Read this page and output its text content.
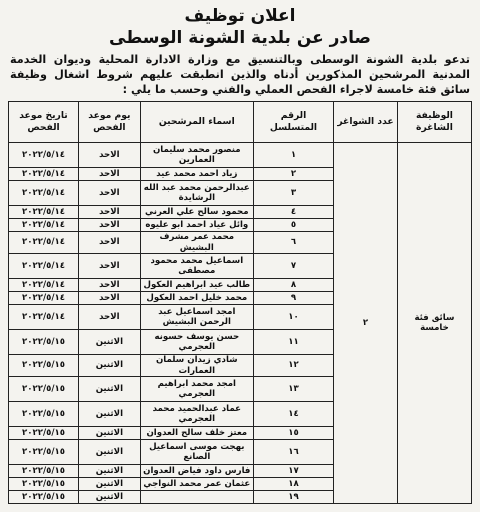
اعلان توظيف
صادر عن بلدية الشونة الوسطى
تدعو بلدية الشونة الوسطى وبالتنسيق مع وزارة الادارة المحلية وديوان الخدمة المدنية المرشحين المذكورين أدناه والذين انطبقت عليهم شروط اشغال وظيفة سائق فئة خامسة لاجراء الفحص العملي والفني وحسب ما يلي :
الوظيفة الشاغرة	عدد الشواغر	الرقم المتسلسل	اسماء المرشحين	يوم موعد الفحص	تاريخ موعد الفحص
سائق فئة خامسة	٢	١	منصور محمد سليمان العمارين	الاحد	٢٠٢٢/٥/١٤
		٢	زياد احمد محمد عيد	الاحد	٢٠٢٢/٥/١٤
		٣	عبدالرحمن محمد عبد الله الرشايدة	الاحد	٢٠٢٢/٥/١٤
		٤	محمود سالح علي العرني	الاحد	٢٠٢٢/٥/١٤
		٥	وائل عياد احمد ابو عليوه	الاحد	٢٠٢٢/٥/١٤
		٦	محمد عمر مشرف البشيش	الاحد	٢٠٢٢/٥/١٤
		٧	اسماعيل محمد محمود مصطفى	الاحد	٢٠٢٢/٥/١٤
		٨	طالب عيد ابراهيم العكول	الاحد	٢٠٢٢/٥/١٤
		٩	محمد خليل احمد العكول	الاحد	٢٠٢٢/٥/١٤
		١٠	امجد اسماعيل عبد الرحمن البشيش	الاحد	٢٠٢٢/٥/١٤
		١١	حسن يوسف حسونه العجرمي	الاثنين	٢٠٢٢/٥/١٥
		١٢	شادي زيدان سلمان العمارات	الاثنين	٢٠٢٢/٥/١٥
		١٣	امجد محمد ابراهيم العجرمي	الاثنين	٢٠٢٢/٥/١٥
		١٤	عماد عبدالحميد محمد العجرمي	الاثنين	٢٠٢٢/٥/١٥
		١٥	معتز خلف سالح العدوان	الاثنين	٢٠٢٢/٥/١٥
		١٦	بهجت موسى اسماعيل الصانع	الاثنين	٢٠٢٢/٥/١٥
		١٧	فارس داود فياض العدوان	الاثنين	٢٠٢٢/٥/١٥
		١٨	عثمان عمر محمد النواجي	الاثنين	٢٠٢٢/٥/١٥
		١٩		الاثنين	٢٠٢٢/٥/١٥
